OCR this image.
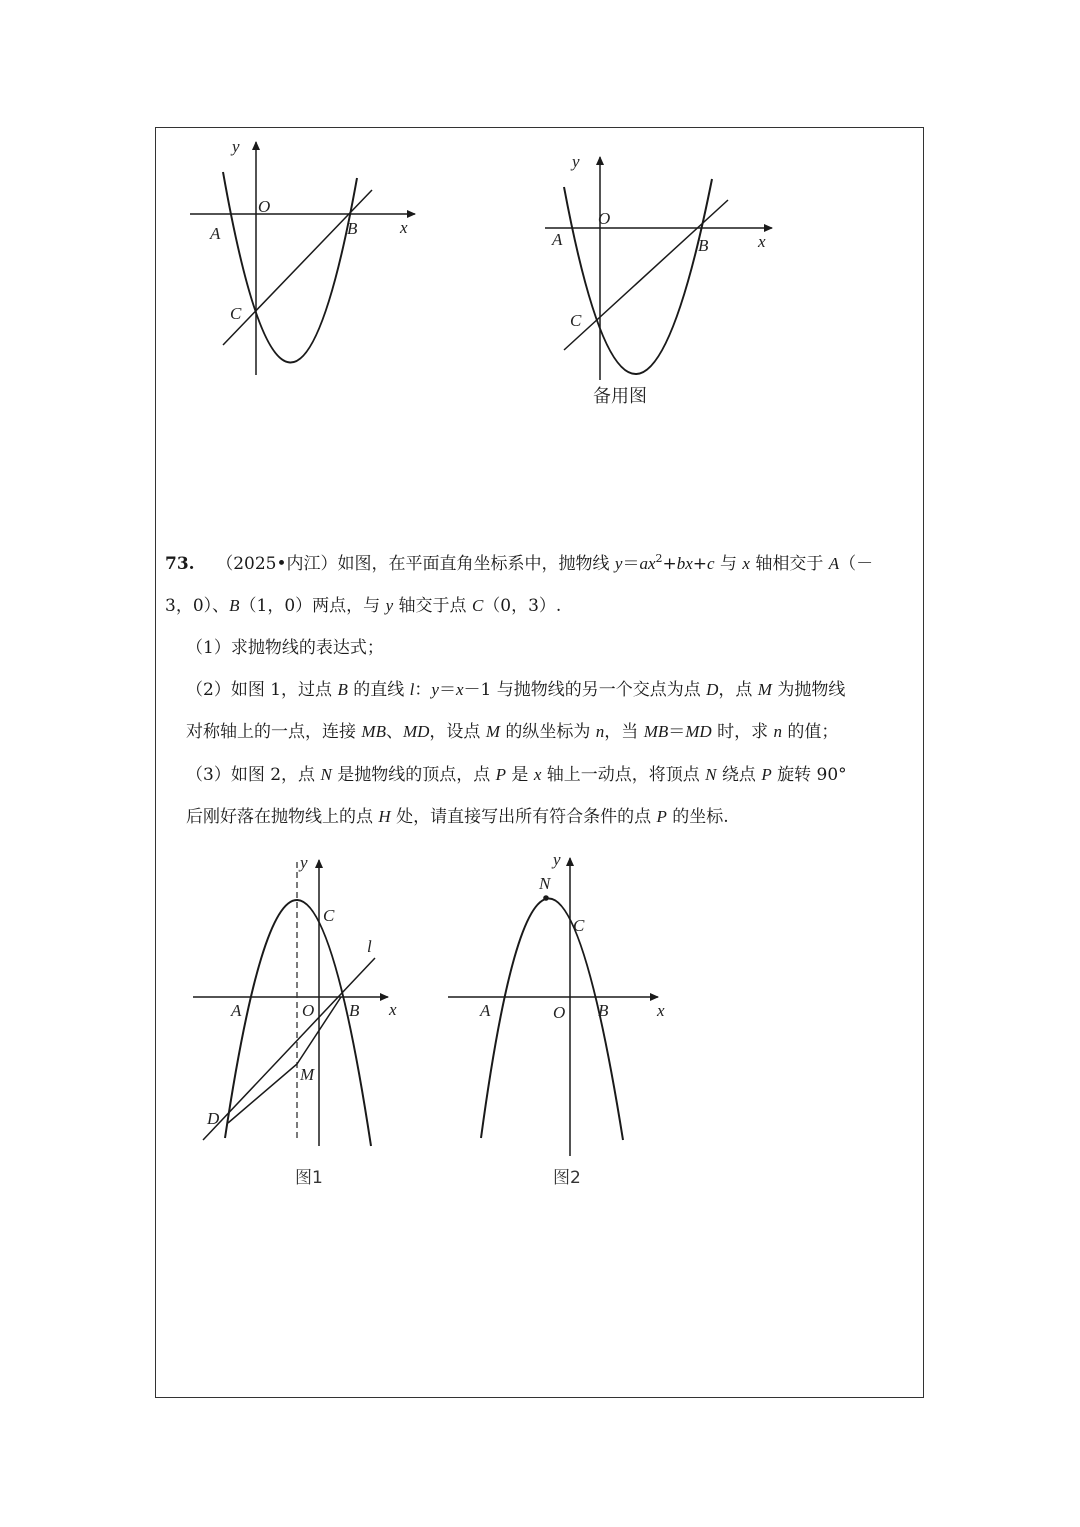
y
x
O
A	B
C
y
x
O
A	B
C
备用图
73. （2025•内江）如图，在平面直角坐标系中，抛物线 $y=ax^2+bx+c$ 与 x 轴相交于 A（－
3，0）、B（1，0）两点，与 y 轴交于点 C（0，3）.
（1）求抛物线的表达式；
（2）如图 1，过点 B 的直线 l：y＝x－1 与抛物线的另一个交点为点 D，点 M 为抛物线
对称轴上的一点，连接 MB、MD，设点 M 的纵坐标为 n，当 MB＝MD 时，求 n 的值；
（3）如图 2，点 N 是抛物线的顶点，点 P 是 x 轴上一动点，将顶点 N 绕点 P 旋转 90°
后刚好落在抛物线上的点 H 处，请直接写出所有符合条件的点 P 的坐标.
y
x
O
A	B
C
l
M
D
图1
y
x
O
A	B
C
N
图2
